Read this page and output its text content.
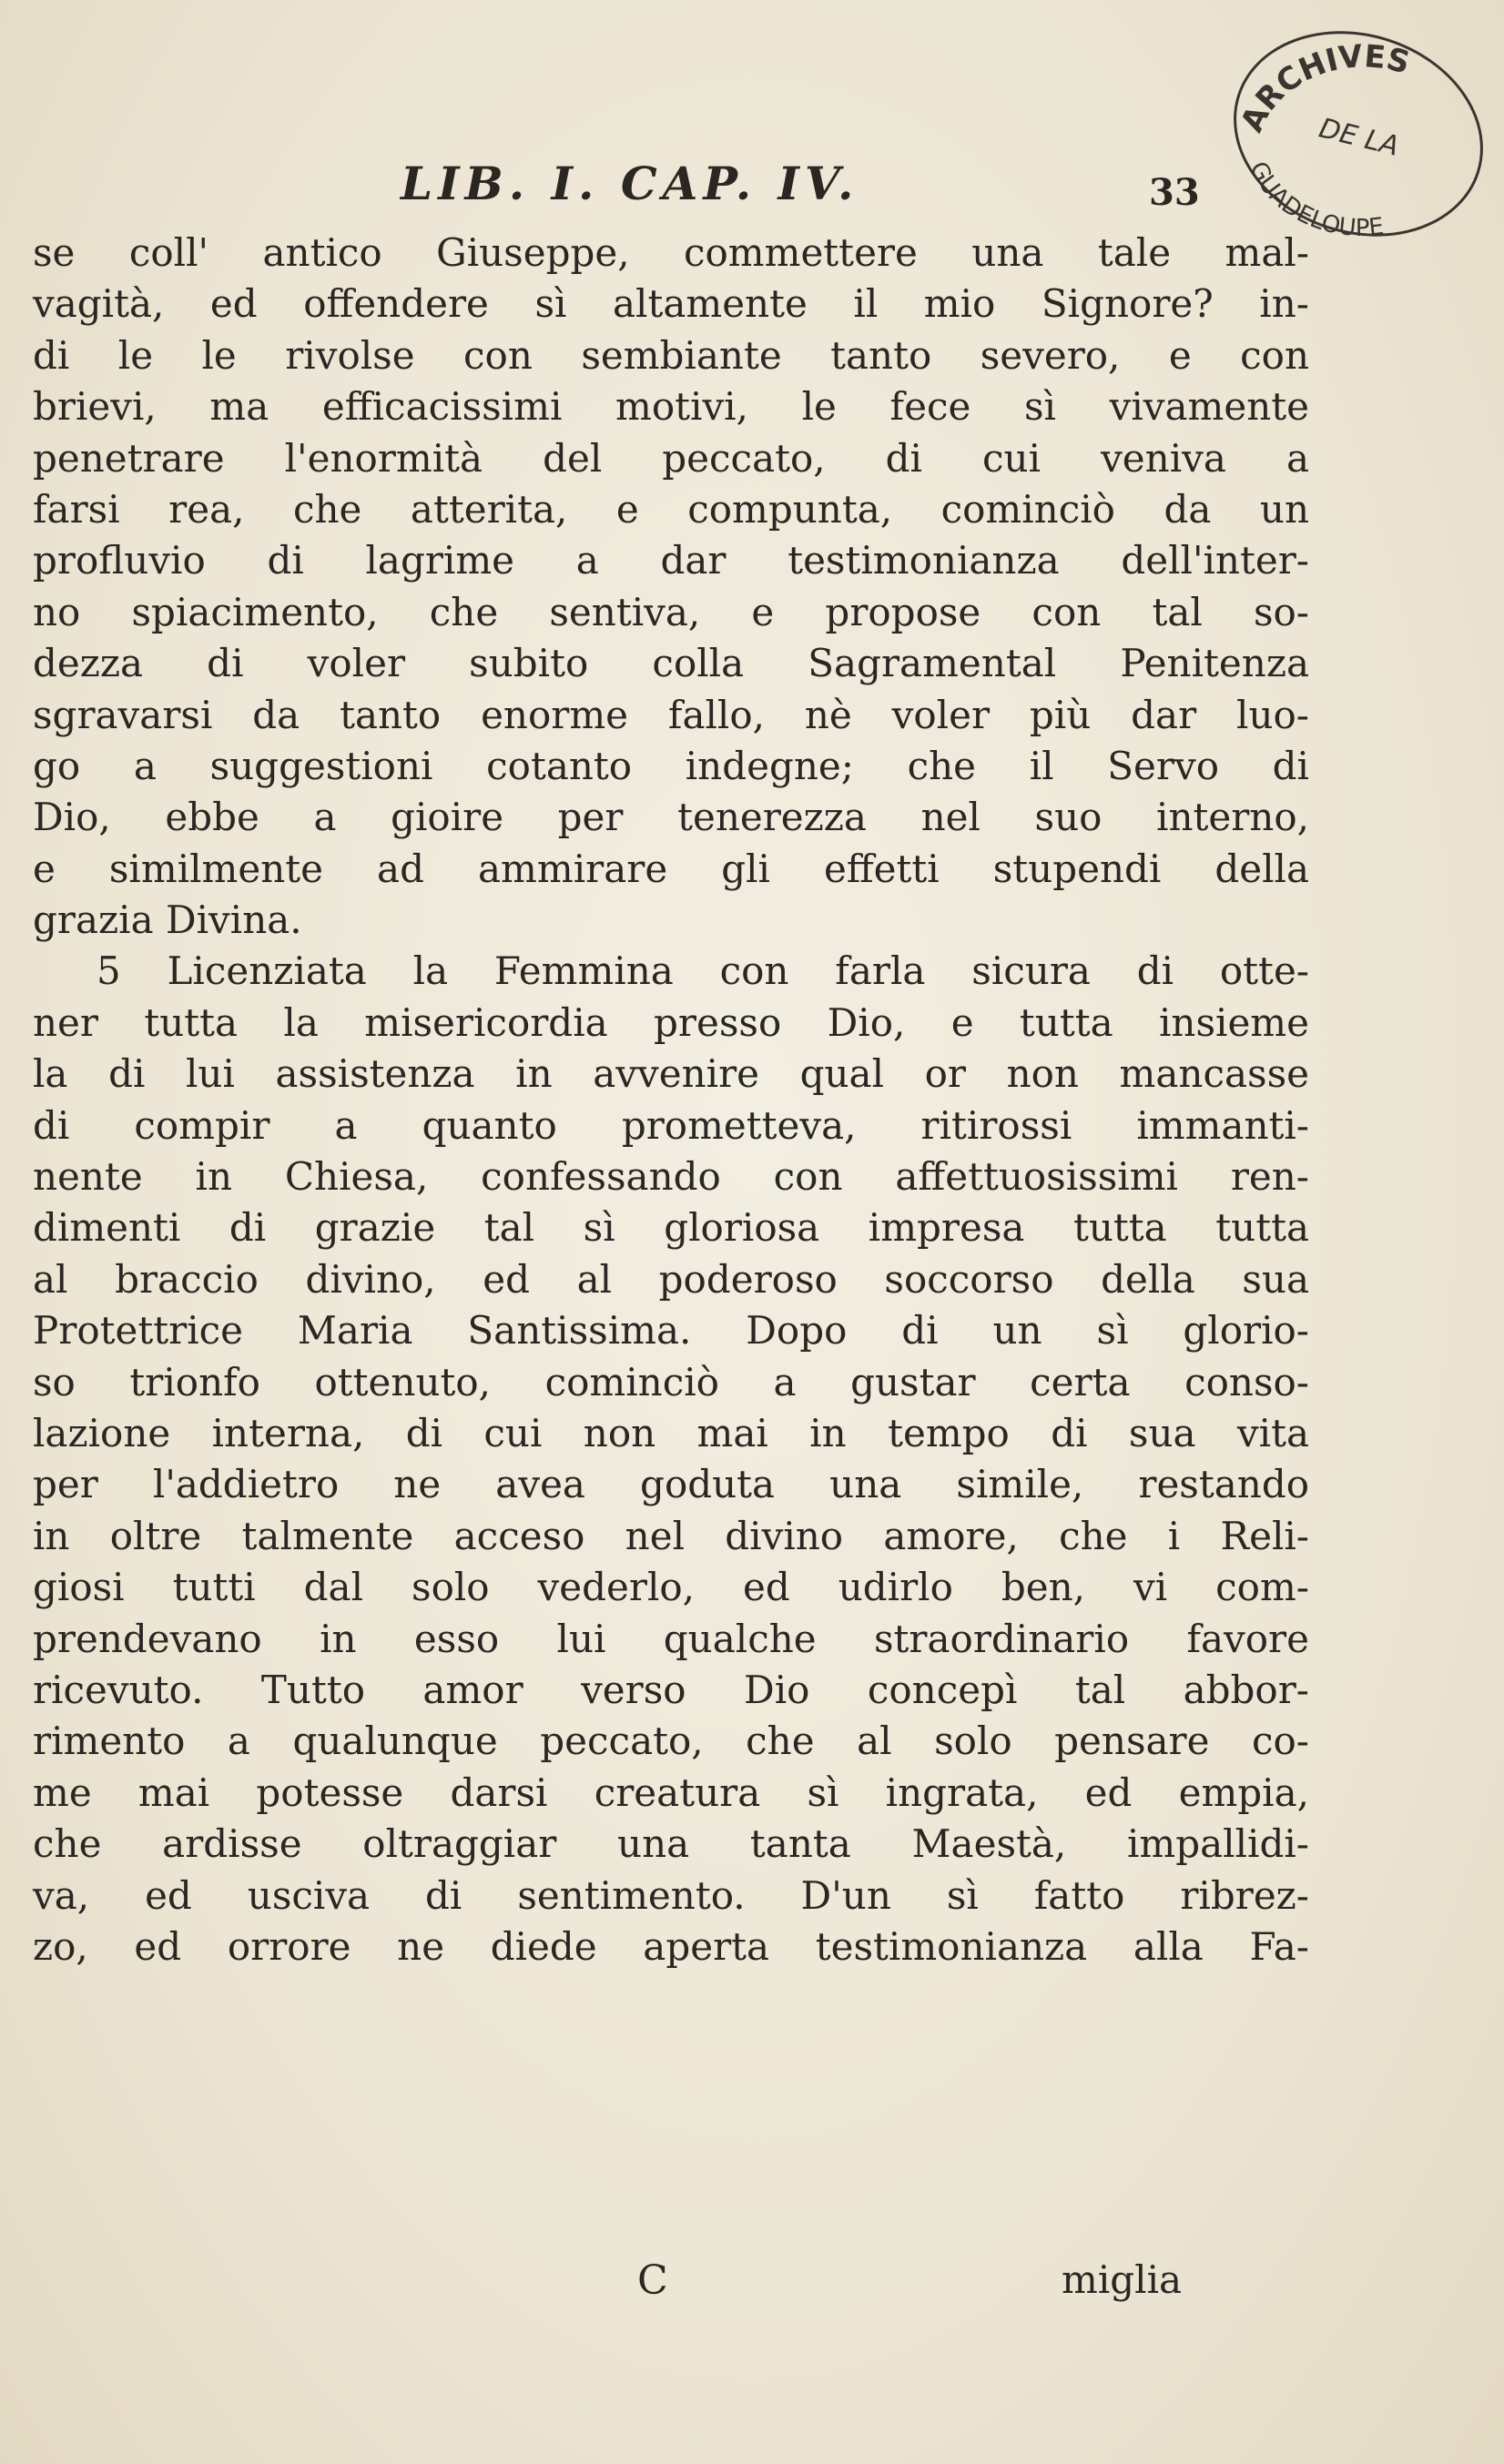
ARCHIVES
DE LA
GUADELOUPE
LIB. I. CAP. IV.	33
se coll' antico Giuseppe, commettere una tale mal-
vagità, ed offendere sì altamente il mio Signore? in-
di le le rivolse con sembiante tanto severo, e con
brievi, ma efficacissimi motivi, le fece sì vivamente
penetrare l'enormità del peccato, di cui veniva a
farsi rea, che atterita, e compunta, cominciò da un
profluvio di lagrime a dar testimonianza dell'inter-
no spiacimento, che sentiva, e propose con tal so-
dezza di voler subito colla Sagramental Penitenza
sgravarsi da tanto enorme fallo, nè voler più dar luo-
go a suggestioni cotanto indegne; che il Servo di
Dio, ebbe a gioire per tenerezza nel suo interno,
e similmente ad ammirare gli effetti stupendi della
grazia Divina.
5 Licenziata la Femmina con farla sicura di otte-
ner tutta la misericordia presso Dio, e tutta insieme
la di lui assistenza in avvenire qual or non mancasse
di compir a quanto prometteva, ritirossi immanti-
nente in Chiesa, confessando con affettuosissimi ren-
dimenti di grazie tal sì gloriosa impresa tutta tutta
al braccio divino, ed al poderoso soccorso della sua
Protettrice Maria Santissima. Dopo di un sì glorio-
so trionfo ottenuto, cominciò a gustar certa conso-
lazione interna, di cui non mai in tempo di sua vita
per l'addietro ne avea goduta una simile, restando
in oltre talmente acceso nel divino amore, che i Reli-
giosi tutti dal solo vederlo, ed udirlo ben, vi com-
prendevano in esso lui qualche straordinario favore
ricevuto. Tutto amor verso Dio concepì tal abbor-
rimento a qualunque peccato, che al solo pensare co-
me mai potesse darsi creatura sì ingrata, ed empia,
che ardisse oltraggiar una tanta Maestà, impallidi-
va, ed usciva di sentimento. D'un sì fatto ribrez-
zo, ed orrore ne diede aperta testimonianza alla Fa-
C	miglia
